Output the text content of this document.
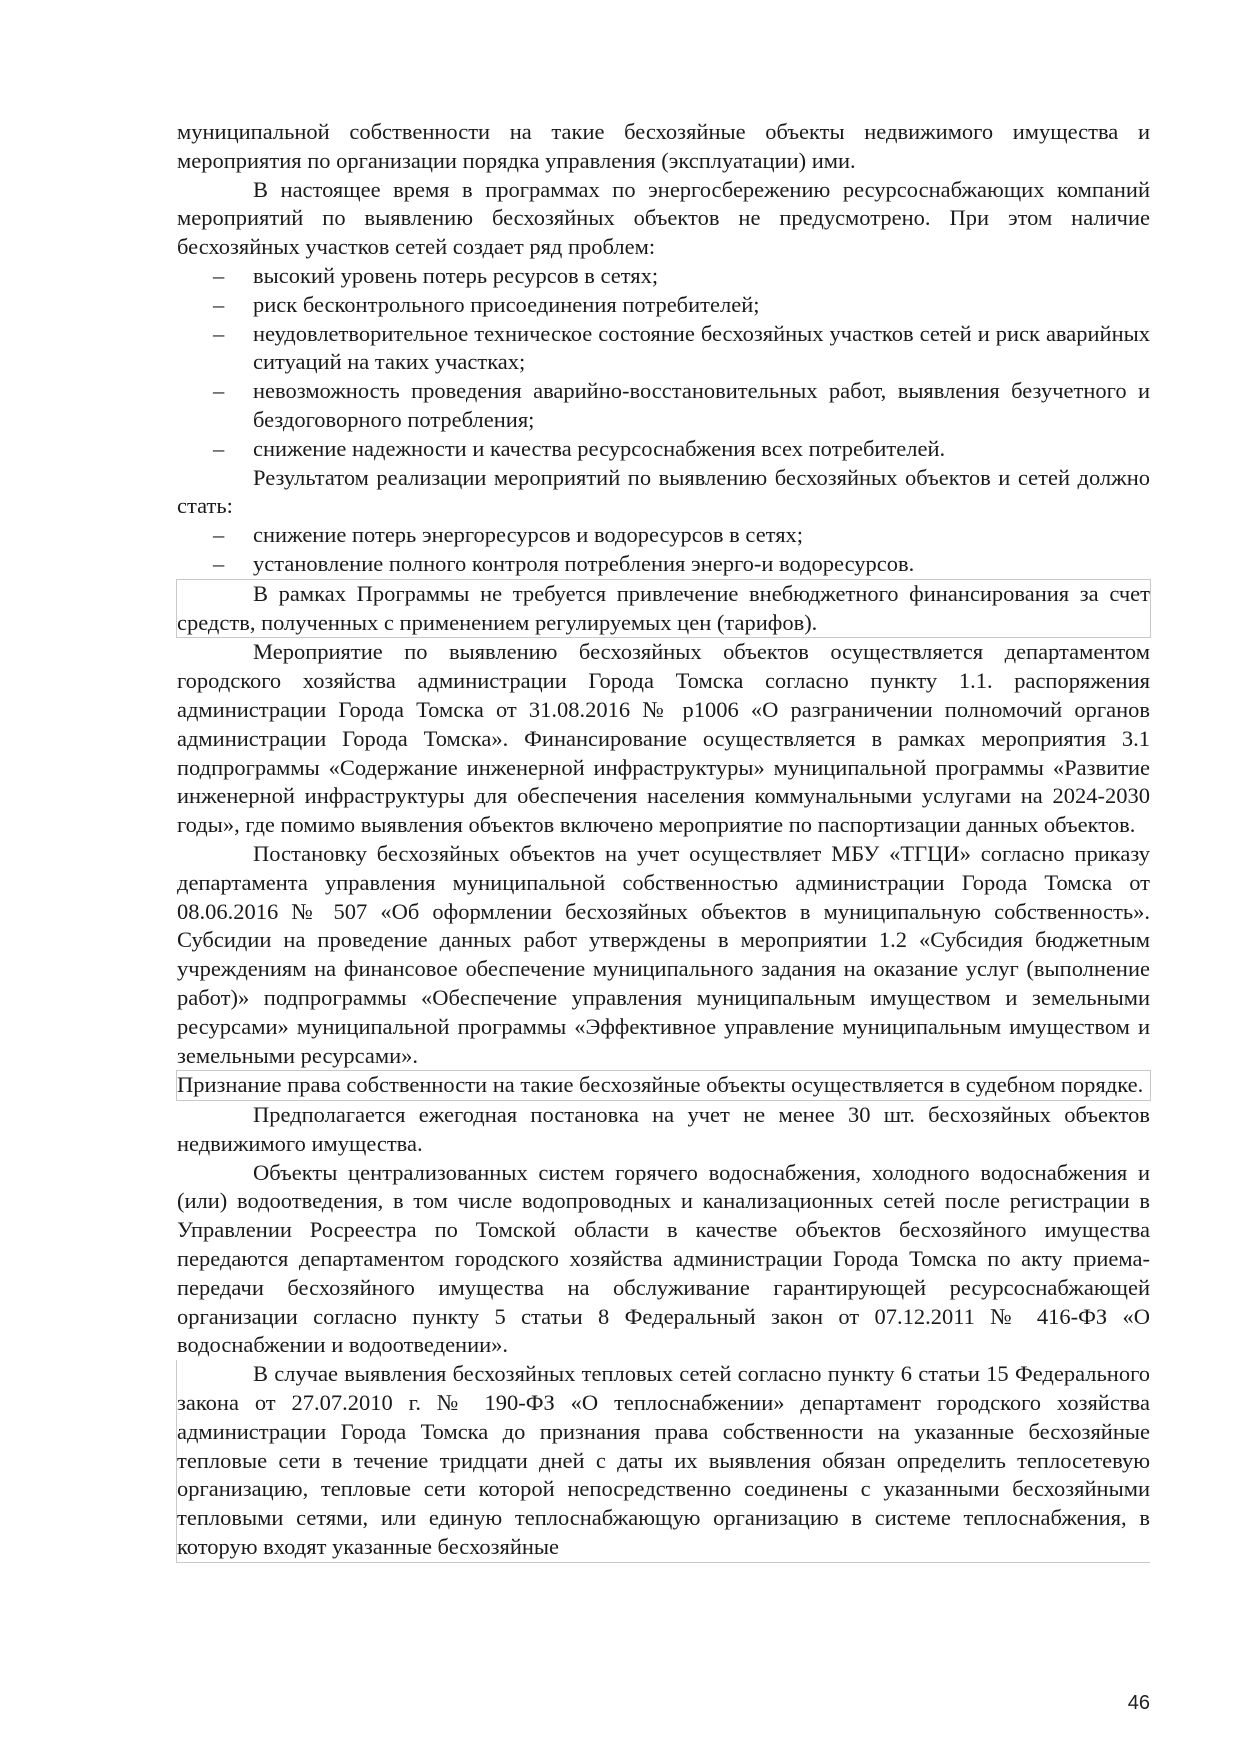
муниципальной собственности на такие бесхозяйные объекты недвижимого имущества и мероприятия по организации порядка управления (эксплуатации) ими.

В настоящее время в программах по энергосбережению ресурсоснабжающих компаний мероприятий по выявлению бесхозяйных объектов не предусмотрено. При этом наличие бесхозяйных участков сетей создает ряд проблем:

– высокий уровень потерь ресурсов в сетях;

– риск бесконтрольного присоединения потребителей;

– неудовлетворительное техническое состояние бесхозяйных участков сетей и риск аварийных ситуаций на таких участках;

– невозможность проведения аварийно-восстановительных работ, выявления безучетного и бездоговорного потребления;

– снижение надежности и качества ресурсоснабжения всех потребителей.

Результатом реализации мероприятий по выявлению бесхозяйных объектов и сетей должно стать:

– снижение потерь энергоресурсов и водоресурсов в сетях;

– установление полного контроля потребления энерго-и водоресурсов.

В рамках Программы не требуется привлечение внебюджетного финансирования за счет средств, полученных с применением регулируемых цен (тарифов).

Мероприятие по выявлению бесхозяйных объектов осуществляется департаментом городского хозяйства администрации Города Томска согласно пункту 1.1. распоряжения администрации Города Томска от 31.08.2016 № р1006 «О разграничении полномочий органов администрации Города Томска». Финансирование осуществляется в рамках мероприятия 3.1 подпрограммы «Содержание инженерной инфраструктуры» муниципальной программы «Развитие инженерной инфраструктуры для обеспечения населения коммунальными услугами на 2024-2030 годы», где помимо выявления объектов включено мероприятие по паспортизации данных объектов.

Постановку бесхозяйных объектов на учет осуществляет МБУ «ТГЦИ» согласно приказу департамента управления муниципальной собственностью администрации Города Томска от 08.06.2016 № 507 «Об оформлении бесхозяйных объектов в муниципальную собственность». Субсидии на проведение данных работ утверждены в мероприятии 1.2 «Субсидия бюджетным учреждениям на финансовое обеспечение муниципального задания на оказание услуг (выполнение работ)» подпрограммы «Обеспечение управления муниципальным имуществом и земельными ресурсами» муниципальной программы «Эффективное управление муниципальным имуществом и земельными ресурсами».

Признание права собственности на такие бесхозяйные объекты осуществляется в судебном порядке.

Предполагается ежегодная постановка на учет не менее 30 шт. бесхозяйных объектов недвижимого имущества.

Объекты централизованных систем горячего водоснабжения, холодного водоснабжения и (или) водоотведения, в том числе водопроводных и канализационных сетей после регистрации в Управлении Росреестра по Томской области в качестве объектов бесхозяйного имущества передаются департаментом городского хозяйства администрации Города Томска по акту приема-передачи бесхозяйного имущества на обслуживание гарантирующей ресурсоснабжающей организации согласно пункту 5 статьи 8 Федеральный закон от 07.12.2011 № 416-ФЗ «О водоснабжении и водоотведении».

В случае выявления бесхозяйных тепловых сетей согласно пункту 6 статьи 15 Федерального закона от 27.07.2010 г. № 190-ФЗ «О теплоснабжении» департамент городского хозяйства администрации Города Томска до признания права собственности на указанные бесхозяйные тепловые сети в течение тридцати дней с даты их выявления обязан определить теплосетевую организацию, тепловые сети которой непосредственно соединены с указанными бесхозяйными тепловыми сетями, или единую теплоснабжающую организацию в системе теплоснабжения, в которую входят указанные бесхозяйные

46
